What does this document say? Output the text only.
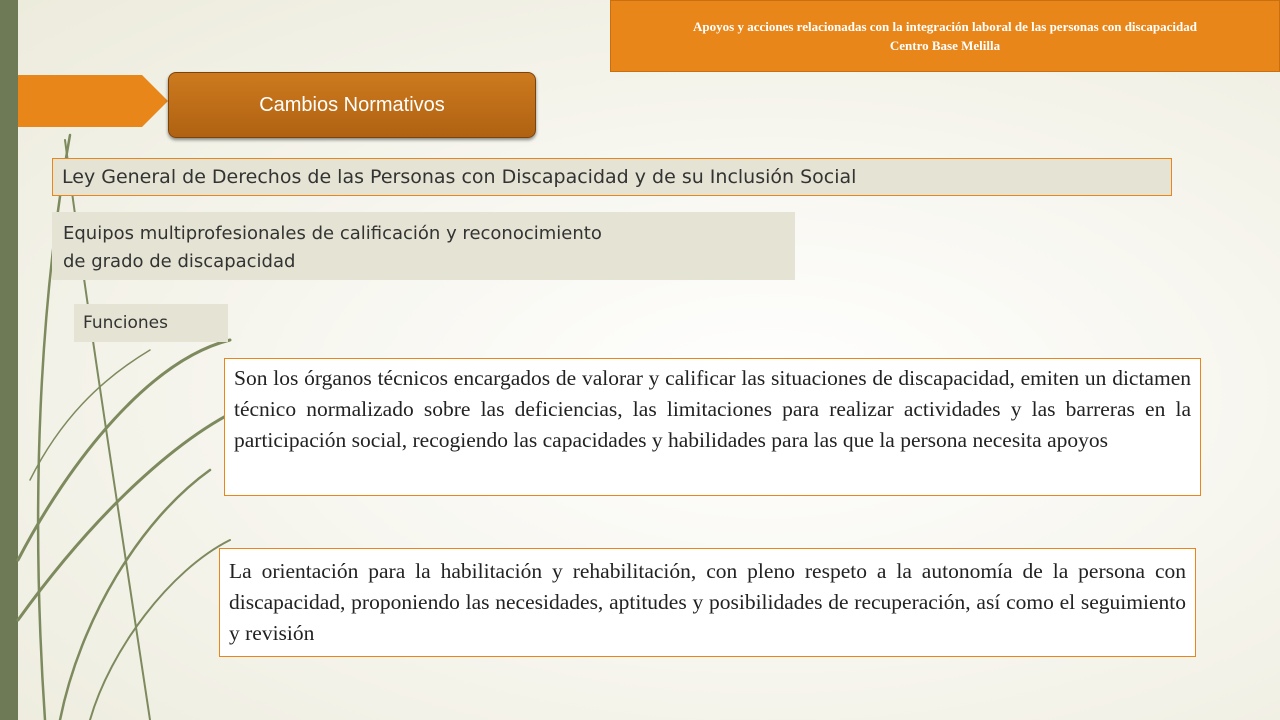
Apoyos y acciones relacionadas con la integración laboral de las personas con discapacidad
Centro Base Melilla
Cambios Normativos
Ley General de Derechos de las Personas con Discapacidad y de su Inclusión Social
Equipos multiprofesionales de calificación y reconocimiento
de grado de discapacidad
Funciones
Son los órganos técnicos encargados de valorar y calificar las situaciones de discapacidad, emiten un dictamen técnico normalizado sobre las deficiencias, las limitaciones para realizar actividades y las barreras en la participación social, recogiendo las capacidades y habilidades para las que la persona necesita apoyos
La orientación para la habilitación y rehabilitación, con pleno respeto a la autonomía de la persona con discapacidad, proponiendo las necesidades, aptitudes y posibilidades de recuperación, así como el seguimiento y revisión
